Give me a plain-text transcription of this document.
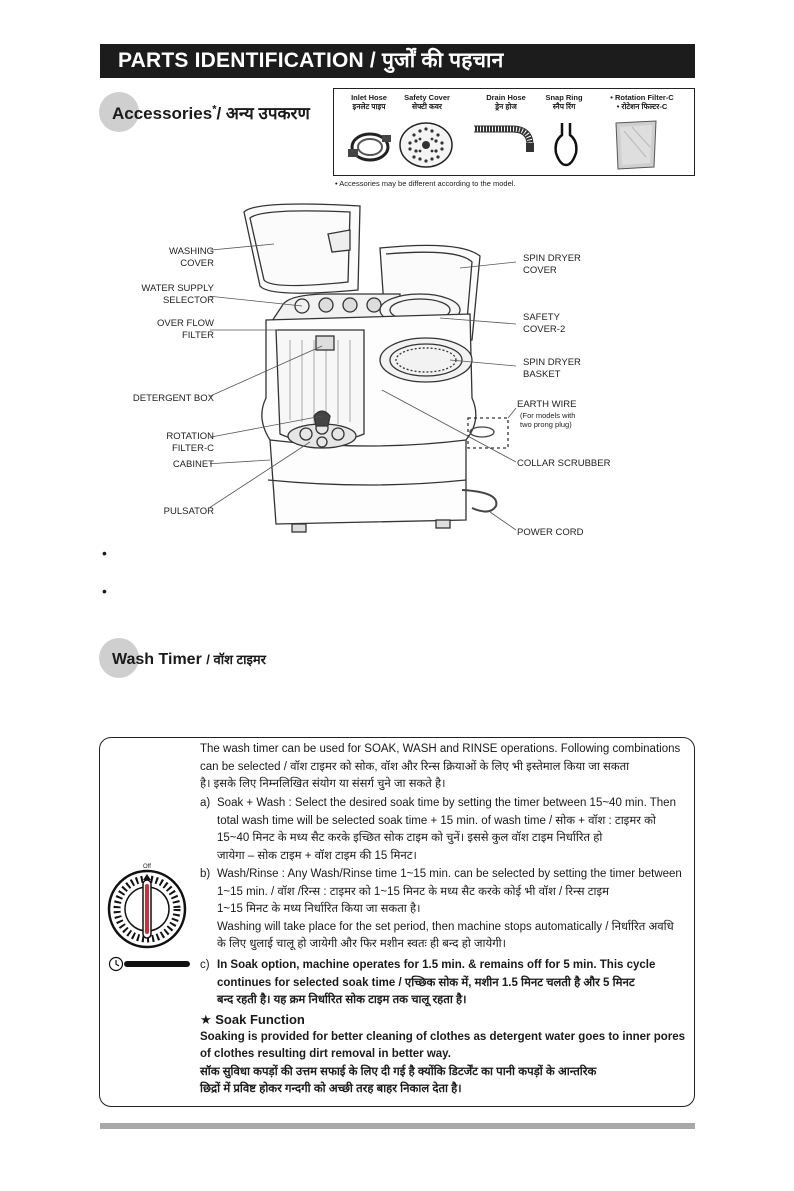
PARTS IDENTIFICATION / पुर्जों की पहचान
Accessories*/ अन्य उपकरण
Inlet Hose
इनलेट पाइप
Safety Cover
सेफ्टी कवर
Drain Hose
ड्रेन होज
Snap Ring
स्नैप रिंग
• Rotation Filter-C
• रोटेशन फिल्टर-C
• Accessories may be different according to the model.
WASHING
COVER
WATER SUPPLY
SELECTOR
OVER FLOW
FILTER
DETERGENT BOX
ROTATION
FILTER-C
CABINET
PULSATOR
SPIN DRYER
COVER
SAFETY
COVER-2
SPIN DRYER
BASKET
EARTH WIRE
(For models with
two prong plug)
COLLAR SCRUBBER
POWER CORD
•
•
Wash Timer / वॉश टाइमर
Off
The wash timer can be used for SOAK, WASH and RINSE operations. Following combinations
can be selected / वॉश टाइमर को सोक, वॉश और रिन्स क्रियाओं के लिए भी इस्तेमाल किया जा सकता
है। इसके लिए निम्नलिखित संयोग या संसर्ग चुने जा सकते है।
a) Soak + Wash : Select the desired soak time by setting the timer between 15~40 min. Then
total wash time will be selected soak time + 15 min. of wash time / सोक + वॉश : टाइमर को
15~40 मिनट के मध्य सैट करके इच्छित सोक टाइम को चुनें। इससे कुल वॉश टाइम निर्धारित हो
जायेगा – सोक टाइम + वॉश टाइम की 15 मिनट।
b) Wash/Rinse : Any Wash/Rinse time 1~15 min. can be selected by setting the timer between
1~15 min. / वॉश /रिन्स : टाइमर को 1~15 मिनट के मध्य सैट करके कोई भी वॉश / रिन्स टाइम
1~15 मिनट के मध्य निर्धारित किया जा सकता है।
Washing will take place for the set period, then machine stops automatically / निर्धारित अवधि
के लिए धुलाई चालू हो जायेगी और फिर मशीन स्वतः ही बन्द हो जायेगी।
c) In Soak option, machine operates for 1.5 min. & remains off for 5 min. This cycle
continues for selected soak time / एच्छिक सोक में, मशीन 1.5 मिनट चलती है और 5 मिनट
बन्द रहती है। यह क्रम निर्धारित सोक टाइम तक चालू रहता है।
★ Soak Function
Soaking is provided for better cleaning of clothes as detergent water goes to inner pores
of clothes resulting dirt removal in better way.
सॉक सुविधा कपड़ों की उत्तम सफाई के लिए दी गई है क्योंकि डिटर्जेंट का पानी कपड़ों के आन्तरिक
छिद्रों में प्रविष्ट होकर गन्दगी को अच्छी तरह बाहर निकाल देता है।
